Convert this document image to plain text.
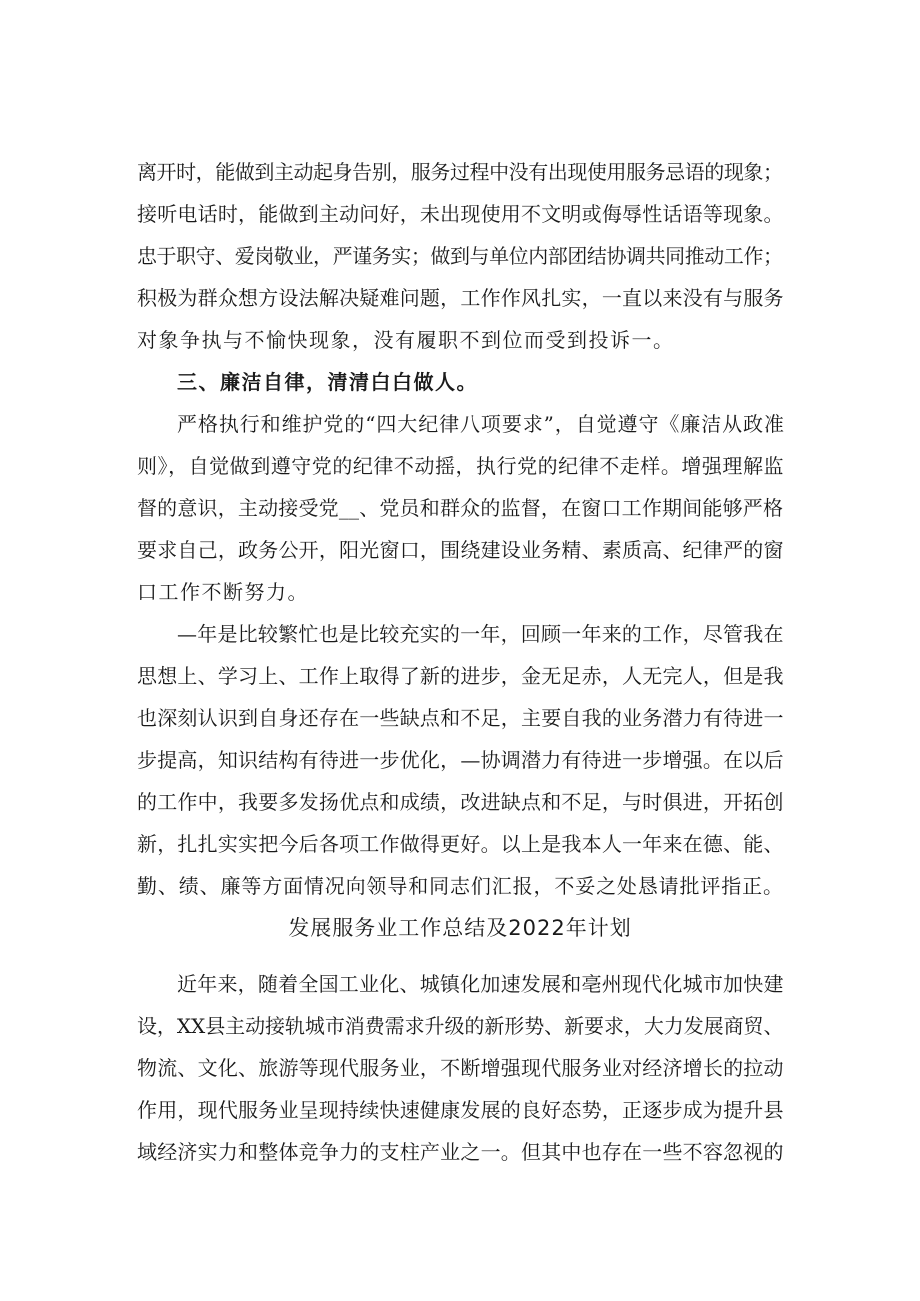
离开时，能做到主动起身告别，服务过程中没有出现使用服务忌语的现象；
接听电话时，能做到主动问好，未出现使用不文明或侮辱性话语等现象。
忠于职守、爱岗敬业，严谨务实；做到与单位内部团结协调共同推动工作；
积极为群众想方设法解决疑难问题，工作作风扎实，一直以来没有与服务
对象争执与不愉快现象，没有履职不到位而受到投诉一。
三、廉洁自律，清清白白做人。
严格执行和维护党的“四大纪律八项要求”，自觉遵守《廉洁从政准
则》，自觉做到遵守党的纪律不动摇，执行党的纪律不走样。增强理解监
督的意识，主动接受党__、党员和群众的监督，在窗口工作期间能够严格
要求自己，政务公开，阳光窗口，围绕建设业务精、素质高、纪律严的窗
口工作不断努力。
—年是比较繁忙也是比较充实的一年，回顾一年来的工作，尽管我在
思想上、学习上、工作上取得了新的进步，金无足赤，人无完人，但是我
也深刻认识到自身还存在一些缺点和不足，主要自我的业务潜力有待进一
步提高，知识结构有待进一步优化，—协调潜力有待进一步增强。在以后
的工作中，我要多发扬优点和成绩，改进缺点和不足，与时俱进，开拓创
新，扎扎实实把今后各项工作做得更好。以上是我本人一年来在德、能、
勤、绩、廉等方面情况向领导和同志们汇报，不妥之处恳请批评指正。
发展服务业工作总结及2022年计划
近年来，随着全国工业化、城镇化加速发展和亳州现代化城市加快建
设，XX县主动接轨城市消费需求升级的新形势、新要求，大力发展商贸、
物流、文化、旅游等现代服务业，不断增强现代服务业对经济增长的拉动
作用，现代服务业呈现持续快速健康发展的良好态势，正逐步成为提升县
域经济实力和整体竞争力的支柱产业之一。但其中也存在一些不容忽视的
